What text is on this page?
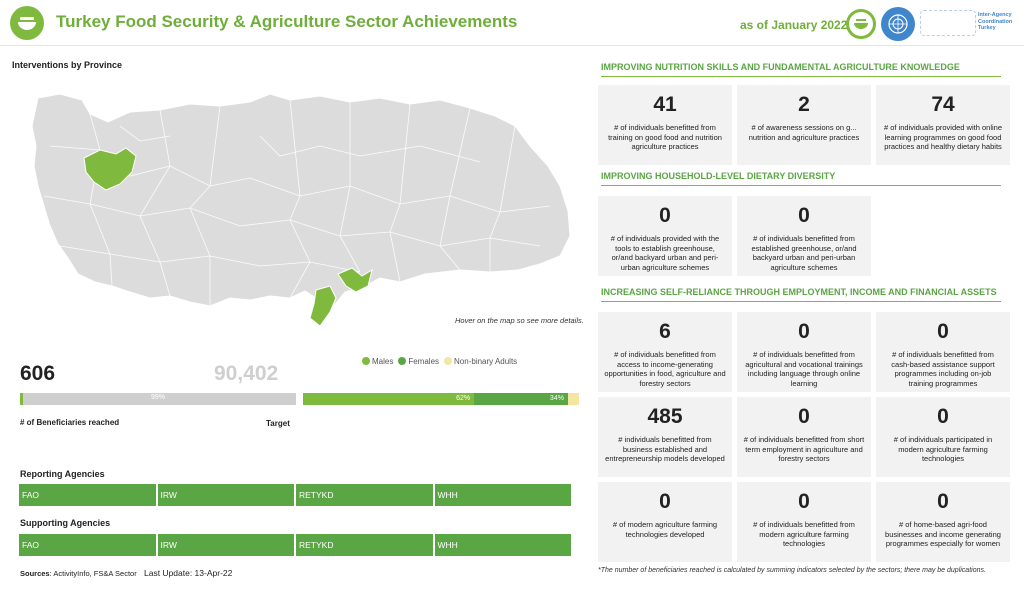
Turkey Food Security & Agriculture Sector Achievements	as of January 2022
Inter-Agency
Coordination
Turkey
Interventions by Province
Hover on the map so see more details.
606	90,402
99%
Males	Females	Non-binary Adults
62%	34%
# of Beneficiaries reached	Target
Reporting Agencies
FAO	IRW	RETYKD	WHH
Supporting Agencies
FAO	IRW	RETYKD	WHH
Sources: ActivityInfo, FS&A Sector Last Update: 13-Apr-22
IMPROVING NUTRITION SKILLS AND FUNDAMENTAL AGRICULTURE KNOWLEDGE
41
# of individuals benefitted from training on good food and nutrition agriculture practices
2
# of awareness sessions on g... nutrition and agriculture practices
74
# of individuals provided with online learning programmes on good food practices and healthy dietary habits
IMPROVING HOUSEHOLD-LEVEL DIETARY DIVERSITY
0
# of individuals provided with the tools to establish greenhouse, or/and backyard urban and peri-urban agriculture schemes
0
# of individuals benefitted from established greenhouse, or/and backyard urban and peri-urban agriculture schemes
INCREASING SELF-RELIANCE THROUGH EMPLOYMENT, INCOME AND FINANCIAL ASSETS
6
# of individuals benefitted from access to income-generating opportunities in food, agriculture and forestry sectors
0
# of individuals benefitted from agricultural and vocational trainings including language through online learning
0
# of individuals benefitted from cash-based assistance support programmes including on-job training programmes
485
# individuals benefitted from business established and entrepreneurship models developed
0
# of individuals benefitted from short term employment in agriculture and forestry sectors
0
# of individuals participated in modern agriculture farming technologies
0
# of modern agriculture farming technologies developed
0
# of individuals benefitted from modern agriculture farming technologies
0
# of home-based agri-food businesses and income generating programmes especially for women
*The number of beneficiaries reached is calculated by summing indicators selected by the sectors; there may be duplications.
